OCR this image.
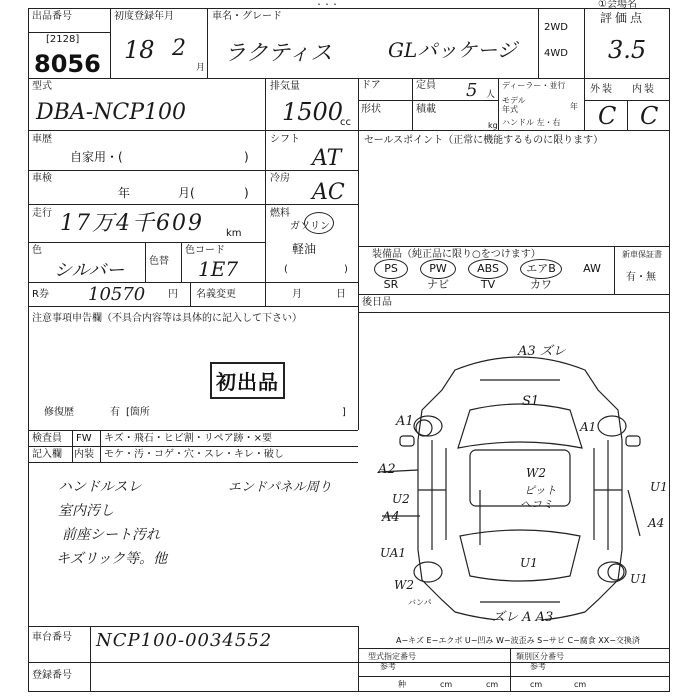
・・・	①会場名
出品番号
[2128]
8056
初度登録年月
18 2
月
車名・グレード
ラクティス	GLパッケージ
2WD
4WD
評価点
3.5
型式
DBA-NCP100
排気量
1500
cc
ドア	定員 5 人
形状	積載
kg
ディーラー・並行
モデル
年式	年
ハンドル 左・右
外装 内装
C C
車歴
自家用・(	)
車検
年	月(	)
走行 17万4千609 km
色
シルバー 色替
色コード
1E7
シフト
AT
冷房
AC
燃料
ガソリン
軽油
(	)
R券 10570 円 名義変更	月	日
注意事項申告欄（不具合内容等は具体的に記入して下さい）
初出品
修復歴	有 [箇所	]
検査員
記入欄
FW キズ・飛石・ヒビ割・リペア跡・×要
内装 モケ・汚・コゲ・穴・スレ・キレ・破し
ハンドルスレ
室内汚し
前座シート汚れ
キズリック等。他
エンドパネル周り
セールスポイント（正常に機能するものに限ります）
装備品（純正品に限り○をつけます）	新車保証書
有・無
PS	PW	ABS	エアB	AW
SR	ナビ	TV	カワ
後日品
A3 ズレ
S1
A1
A2
U2
A4
W2
ピット
ヘコミ
U1
A4
UA1
U1
W2	U1
ズレ A A3
A1
バンパ
A−キズ E−エクボ U−凹み W−波歪み S−サビ C−腐食 XX−交換済
車台番号 NCP100-0034552
登録番号
型式指定番号
参考
類別区分番号
参考
种	cm	cm	cm	cm
